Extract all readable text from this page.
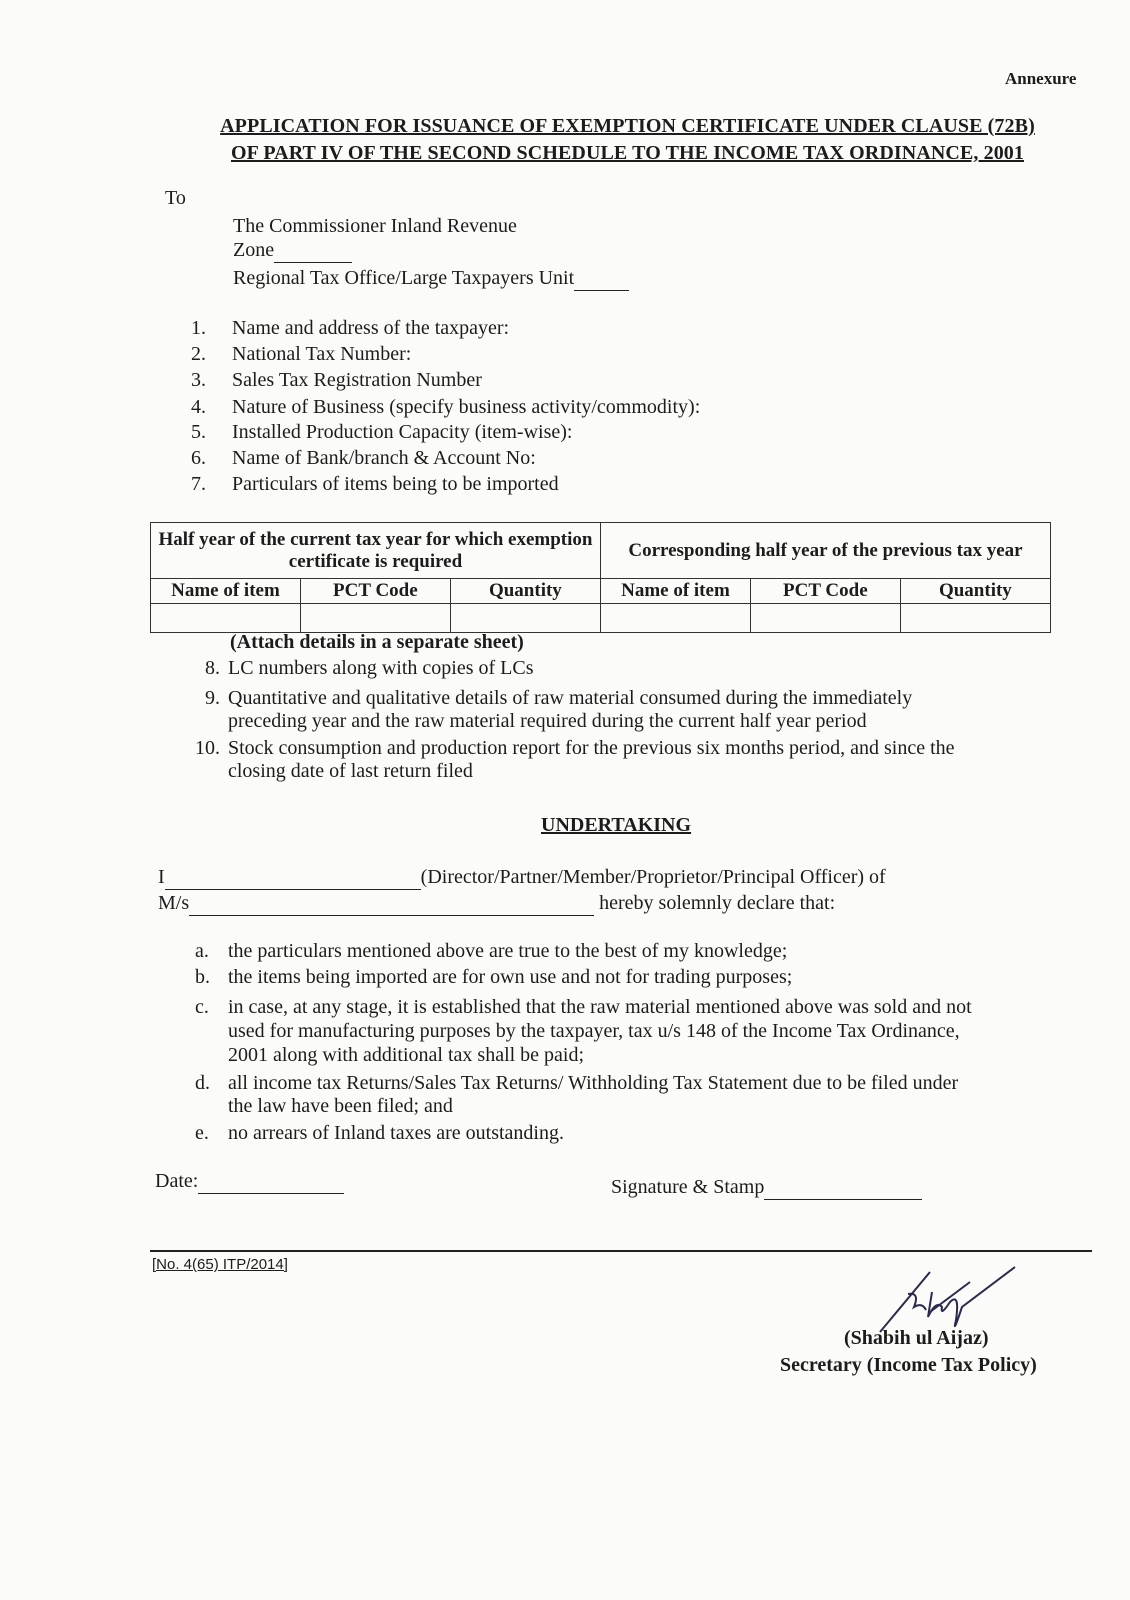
Annexure
APPLICATION FOR ISSUANCE OF EXEMPTION CERTIFICATE UNDER CLAUSE (72B)
OF PART IV OF THE SECOND SCHEDULE TO THE INCOME TAX ORDINANCE, 2001
To
The Commissioner Inland Revenue
Zone
Regional Tax Office/Large Taxpayers Unit
Half year of the current tax year for which exemption certificate is required			Corresponding half year of the previous tax year		
Name of item	PCT Code	Quantity	Name of item	PCT Code	Quantity

(Attach details in a separate sheet)
UNDERTAKING
I	(Director/Partner/Member/Proprietor/Principal Officer) of
M/s	hereby solemnly declare that:
Date:	Signature & Stamp
[No. 4(65) ITP/2014]
(Shabih ul Aijaz)
Secretary (Income Tax Policy)
1. Name and address of the taxpayer:
2. National Tax Number:
3. Sales Tax Registration Number
4. Nature of Business (specify business activity/commodity):
5. Installed Production Capacity (item-wise):
6. Name of Bank/branch & Account No:
7. Particulars of items being to be imported
8. LC numbers along with copies of LCs
9. Quantitative and qualitative details of raw material consumed during the immediately
preceding year and the raw material required during the current half year period
10. Stock consumption and production report for the previous six months period, and since the
closing date of last return filed
a. the particulars mentioned above are true to the best of my knowledge;
b. the items being imported are for own use and not for trading purposes;
c. in case, at any stage, it is established that the raw material mentioned above was sold and not
used for manufacturing purposes by the taxpayer, tax u/s 148 of the Income Tax Ordinance,
2001 along with additional tax shall be paid;
d. all income tax Returns/Sales Tax Returns/ Withholding Tax Statement due to be filed under
the law have been filed; and
e. no arrears of Inland taxes are outstanding.
